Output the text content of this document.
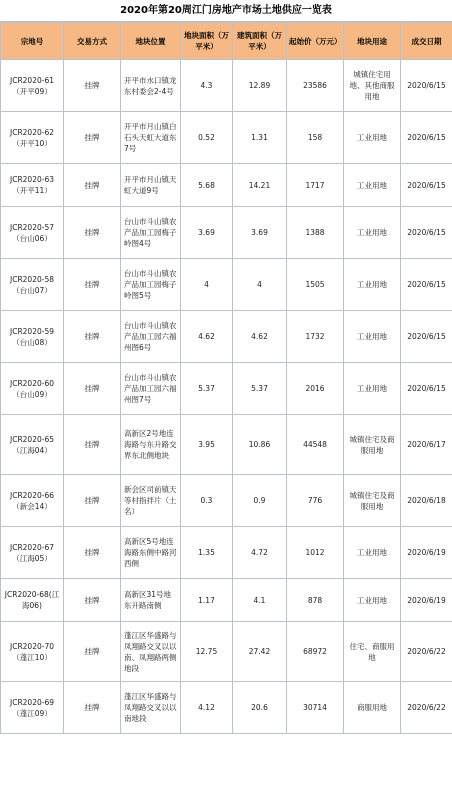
2020年第20周江门房地产市场土地供应一览表
宗地号	交易方式	地块位置	地块面积（万平米）	建筑面积（万平米）	起始价（万元）	地块用途	成交日期
JCR2020-61（开平09）	挂牌	开平市水口镇龙东村委会2-4号	4.3	12.89	23586	城镇住宅用地、其他商服用地	2020/6/15
JCR2020-62（开平10）	挂牌	开平市月山镇白石头天虹大道东7号	0.52	1.31	158	工业用地	2020/6/15
JCR2020-63（开平11）	挂牌	开平市月山镇天虹大道9号	5.68	14.21	1717	工业用地	2020/6/15
JCR2020-57（台山06）	挂牌	台山市斗山镇农产品加工园梅子岭图4号	3.69	3.69	1388	工业用地	2020/6/15
JCR2020-58（台山07）	挂牌	台山市斗山镇农产品加工园梅子岭图5号	4	4	1505	工业用地	2020/6/15
JCR2020-59（台山08）	挂牌	台山市斗山镇农产品加工园六福州图6号	4.62	4.62	1732	工业用地	2020/6/15
JCR2020-60（台山09）	挂牌	台山市斗山镇农产品加工园六福州图7号	5.37	5.37	2016	工业用地	2020/6/15
JCR2020-65（江海04）	挂牌	高新区2号地连海路与东升路交界东北侧地块	3.95	10.86	44548	城镇住宅及商服用地	2020/6/17
JCR2020-66（新会14）	挂牌	新会区司前镇天等村指拌片（土名）	0.3	0.9	776	城镇住宅及商服用地	2020/6/18
JCR2020-67（江海05）	挂牌	高新区5号地连海路东侧中路河西侧	1.35	4.72	1012	工业用地	2020/6/19
JCR2020-68(江海06)	挂牌	高新区31号地东升路南侧	1.17	4.1	878	工业用地	2020/6/19
JCR2020-70（蓬江10）	挂牌	蓬江区华盛路与凤翔路交叉以以南、凤翔路两侧地段	12.75	27.42	68972	住宅、商服用地	2020/6/22
JCR2020-69（蓬江09）	挂牌	蓬江区华盛路与凤翔路交叉以以南地段	4.12	20.6	30714	商服用地	2020/6/22
